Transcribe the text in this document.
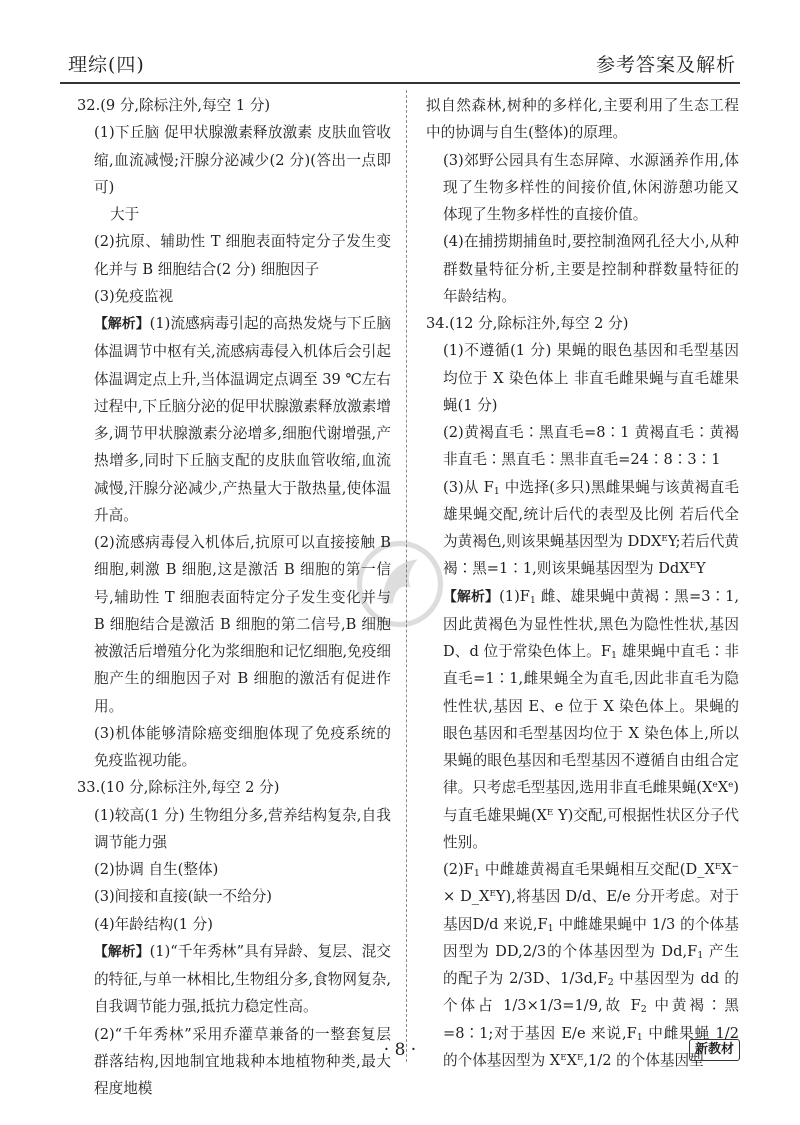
理综(四)	参考答案及解析

32.(9 分,除标注外,每空 1 分)

(1)下丘脑 促甲状腺激素释放激素 皮肤血管收缩,血流减慢;汗腺分泌减少(2 分)(答出一点即可)

大于

(2)抗原、辅助性 T 细胞表面特定分子发生变化并与 B 细胞结合(2 分) 细胞因子

(3)免疫监视

【解析】(1)流感病毒引起的高热发烧与下丘脑体温调节中枢有关,流感病毒侵入机体后会引起体温调定点上升,当体温调定点调至 39 ℃左右过程中,下丘脑分泌的促甲状腺激素释放激素增多,调节甲状腺激素分泌增多,细胞代谢增强,产热增多,同时下丘脑支配的皮肤血管收缩,血流减慢,汗腺分泌减少,产热量大于散热量,使体温升高。

(2)流感病毒侵入机体后,抗原可以直接接触 B 细胞,刺激 B 细胞,这是激活 B 细胞的第一信号,辅助性 T 细胞表面特定分子发生变化并与 B 细胞结合是激活 B 细胞的第二信号,B 细胞被激活后增殖分化为浆细胞和记忆细胞,免疫细胞产生的细胞因子对 B 细胞的激活有促进作用。

(3)机体能够清除癌变细胞体现了免疫系统的免疫监视功能。

33.(10 分,除标注外,每空 2 分)

(1)较高(1 分) 生物组分多,营养结构复杂,自我调节能力强

(2)协调 自生(整体)

(3)间接和直接(缺一不给分)

(4)年龄结构(1 分)

【解析】(1)“千年秀林”具有异龄、复层、混交的特征,与单一林相比,生物组分多,食物网复杂,自我调节能力强,抵抗力稳定性高。

(2)“千年秀林”采用乔灌草兼备的一整套复层群落结构,因地制宜地栽种本地植物种类,最大程度地模

拟自然森林,树种的多样化,主要利用了生态工程中的协调与自生(整体)的原理。

(3)郊野公园具有生态屏障、水源涵养作用,体现了生物多样性的间接价值,休闲游憩功能又体现了生物多样性的直接价值。

(4)在捕捞期捕鱼时,要控制渔网孔径大小,从种群数量特征分析,主要是控制种群数量特征的年龄结构。

34.(12 分,除标注外,每空 2 分)

(1)不遵循(1 分) 果蝇的眼色基因和毛型基因均位于 X 染色体上 非直毛雌果蝇与直毛雄果蝇(1 分)

(2)黄褐直毛∶黑直毛=8∶1 黄褐直毛∶黄褐非直毛∶黑直毛∶黑非直毛=24∶8∶3∶1

(3)从 $F_1$ 中选择(多只)黑雌果蝇与该黄褐直毛雄果蝇交配,统计后代的表型及比例 若后代全为黄褐色,则该果蝇基因型为 $DDX^EY$;若后代黄褐∶黑=1∶1,则该果蝇基因型为 DdX$^E$Y

【解析】$(1)F_1$ 雌、雄果蝇中黄褐∶黑=3∶1,因此黄褐色为显性性状,黑色为隐性性状,基因 D、d 位于常染色体上。$F_1$ 雄果蝇中直毛∶非直毛=1∶1,雌果蝇全为直毛,因此非直毛为隐性性状,基因 E、e 位于 X 染色体上。果蝇的眼色基因和毛型基因均位于 X 染色体上,所以果蝇的眼色基因和毛型基因不遵循自由组合定律。只考虑毛型基因,选用非直毛雌果蝇(XeXe)与直毛雄果蝇($X^E$ Y)交配,可根据性状区分子代性别。

$(2)F_1$ 中雌雄黄褐直毛果蝇相互交配($D\_X^EX^-$ × $D\_X^EY$),将基因 D/d、E/e 分开考虑。对于基因D/d 来说$,F_1$ 中雌雄果蝇中 1/3 的个体基因型为 DD,2/3的个体基因型为 $Dd,F_1$ 产生的配子为 2/3D、$1/3d,F_2$ 中基因型为 dd 的个体占 1/3×1/3=1/9,故 $F_2$ 中黄褐∶黑=8∶1;对于基因 E/e 来说$,F_1$ 中雌果蝇 1/2 的个体基因型为 $X^EX^E,1/2$ 的个体基因型

· 8 ·	新教材
